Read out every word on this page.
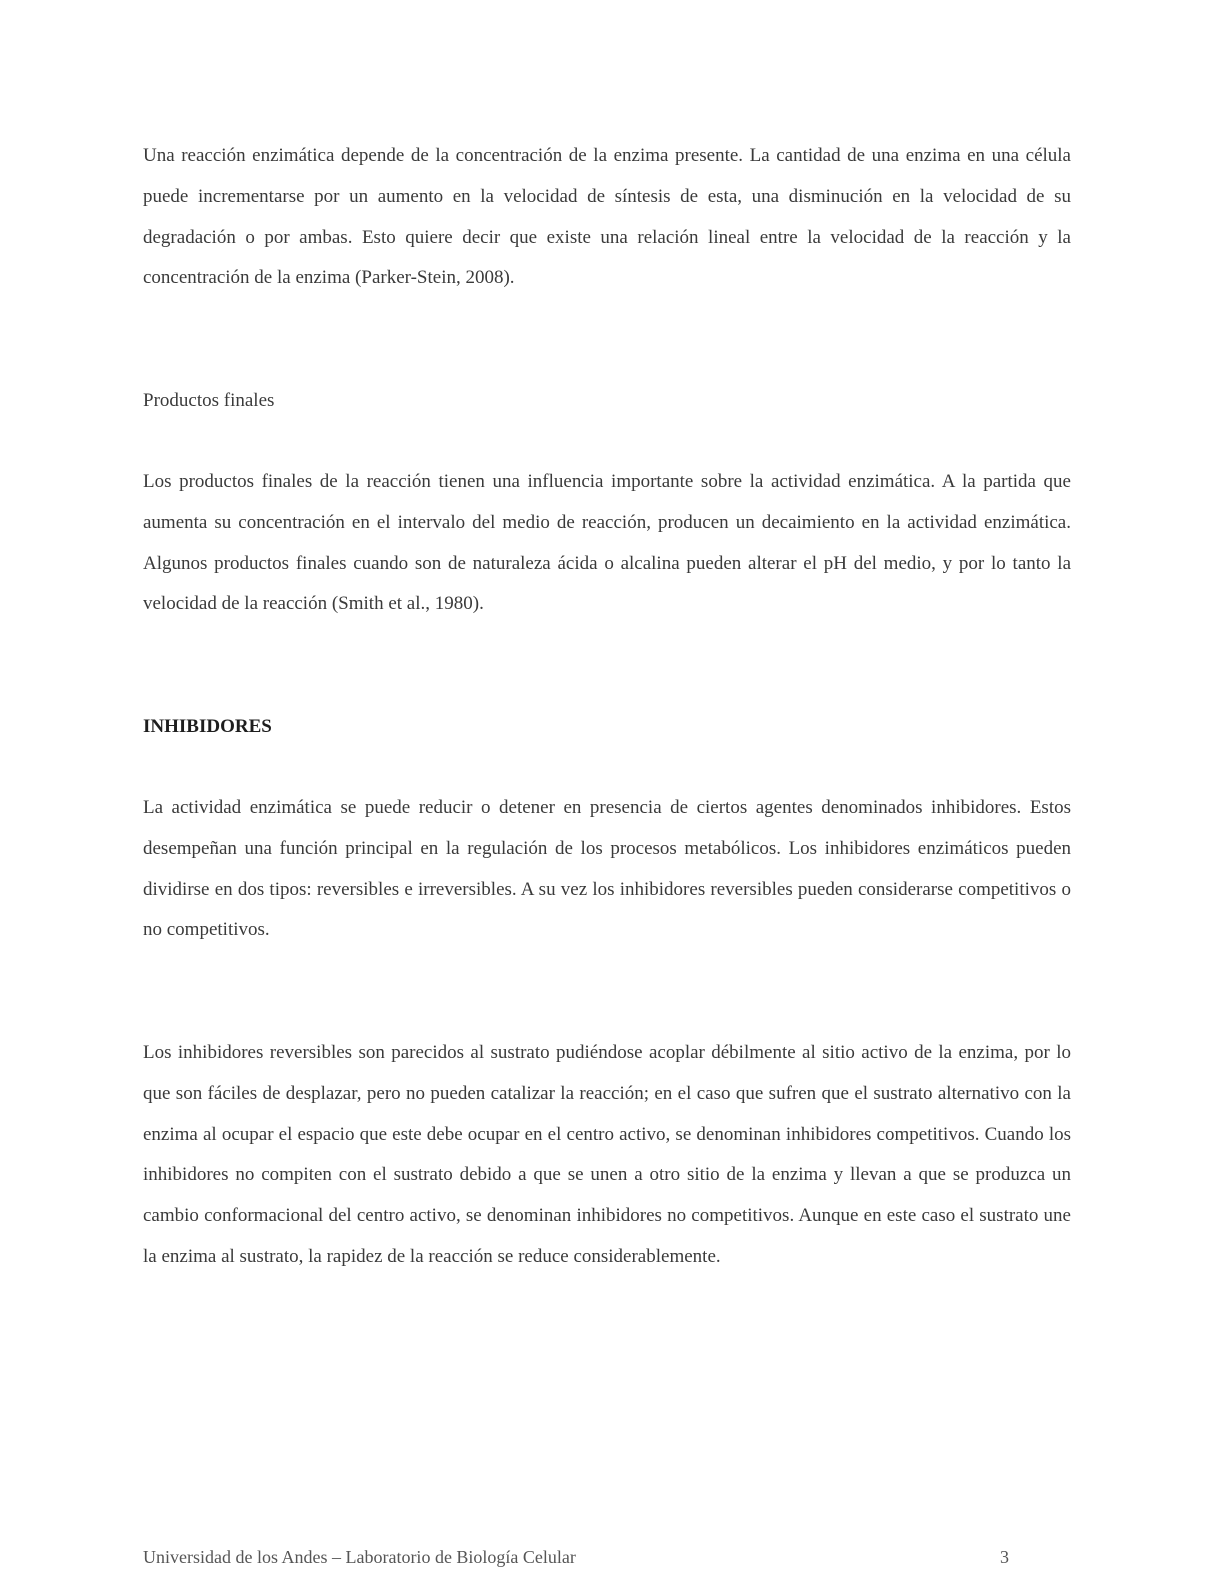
Una reacción enzimática depende de la concentración de la enzima presente. La cantidad de una enzima en una célula puede incrementarse por un aumento en la velocidad de síntesis de esta, una disminución en la velocidad de su degradación o por ambas. Esto quiere decir que existe una relación lineal entre la velocidad de la reacción y la concentración de la enzima (Parker-Stein, 2008).

Productos finales

Los productos finales de la reacción tienen una influencia importante sobre la actividad enzimática. A la partida que aumenta su concentración en el intervalo del medio de reacción, producen un decaimiento en la actividad enzimática. Algunos productos finales cuando son de naturaleza ácida o alcalina pueden alterar el pH del medio, y por lo tanto la velocidad de la reacción (Smith et al., 1980).

INHIBIDORES

La actividad enzimática se puede reducir o detener en presencia de ciertos agentes denominados inhibidores. Estos desempeñan una función principal en la regulación de los procesos metabólicos. Los inhibidores enzimáticos pueden dividirse en dos tipos: reversibles e irreversibles. A su vez los inhibidores reversibles pueden considerarse competitivos o no competitivos.

Los inhibidores reversibles son parecidos al sustrato pudiéndose acoplar débilmente al sitio activo de la enzima, por lo que son fáciles de desplazar, pero no pueden catalizar la reacción; en el caso que sufren que el sustrato alternativo con la enzima al ocupar el espacio que este debe ocupar en el centro activo, se denominan inhibidores competitivos. Cuando los inhibidores no compiten con el sustrato debido a que se unen a otro sitio de la enzima y llevan a que se produzca un cambio conformacional del centro activo, se denominan inhibidores no competitivos. Aunque en este caso el sustrato une la enzima al sustrato, la rapidez de la reacción se reduce considerablemente.

Universidad de los Andes – Laboratorio de Biología Celular	3
